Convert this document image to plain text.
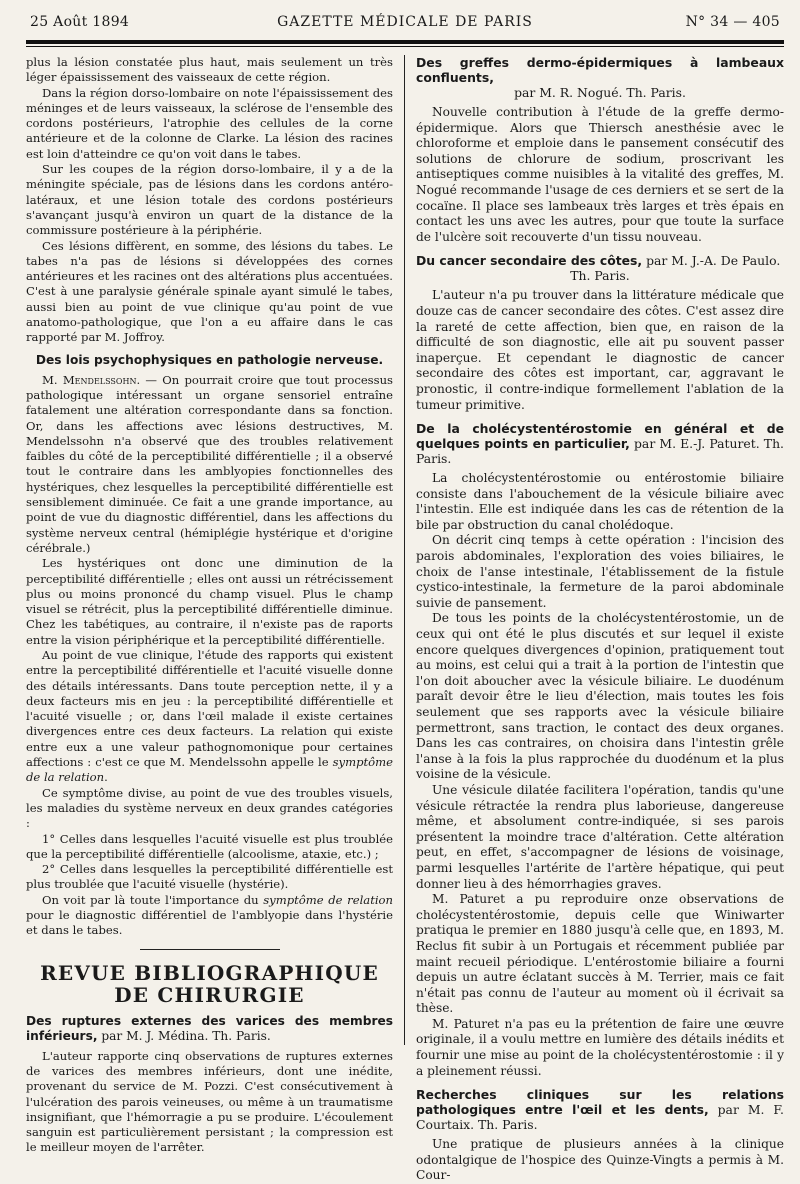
25 Août 1894	GAZETTE MÉDICALE DE PARIS	N° 34 — 405

plus la lésion constatée plus haut, mais seulement un très léger épaississement des vaisseaux de cette région.

Dans la région dorso-lombaire on note l'épaississement des méninges et de leurs vaisseaux, la sclérose de l'ensemble des cordons postérieurs, l'atrophie des cellules de la corne antérieure et de la colonne de Clarke. La lésion des racines est loin d'atteindre ce qu'on voit dans le tabes.

Sur les coupes de la région dorso-lombaire, il y a de la méningite spéciale, pas de lésions dans les cordons antéro-latéraux, et une lésion totale des cordons postérieurs s'avançant jusqu'à environ un quart de la distance de la commissure postérieure à la périphérie.

Ces lésions diffèrent, en somme, des lésions du tabes. Le tabes n'a pas de lésions si développées des cornes antérieures et les racines ont des altérations plus accentuées. C'est à une paralysie générale spinale ayant simulé le tabes, aussi bien au point de vue clinique qu'au point de vue anatomo-pathologique, que l'on a eu affaire dans le cas rapporté par M. Joffroy.

Des lois psychophysiques en pathologie nerveuse.

M. Mendelssohn. — On pourrait croire que tout processus pathologique intéressant un organe sensoriel entraîne fatalement une altération correspondante dans sa fonction. Or, dans les affections avec lésions destructives, M. Mendelssohn n'a observé que des troubles relativement faibles du côté de la perceptibilité différentielle ; il a observé tout le contraire dans les amblyopies fonctionnelles des hystériques, chez lesquelles la perceptibilité différentielle est sensiblement diminuée. Ce fait a une grande importance, au point de vue du diagnostic différentiel, dans les affections du système nerveux central (hémiplégie hystérique et d'origine cérébrale.)

Les hystériques ont donc une diminution de la perceptibilité différentielle ; elles ont aussi un rétrécissement plus ou moins prononcé du champ visuel. Plus le champ visuel se rétrécit, plus la perceptibilité différentielle diminue. Chez les tabétiques, au contraire, il n'existe pas de raports entre la vision périphérique et la perceptibilité différentielle.

Au point de vue clinique, l'étude des rapports qui existent entre la perceptibilité différentielle et l'acuité visuelle donne des détails intéressants. Dans toute perception nette, il y a deux facteurs mis en jeu : la perceptibilité différentielle et l'acuité visuelle ; or, dans l'œil malade il existe certaines divergences entre ces deux facteurs. La relation qui existe entre eux a une valeur pathognomonique pour certaines affections : c'est ce que M. Mendelssohn appelle le symptôme de la relation.

Ce symptôme divise, au point de vue des troubles visuels, les maladies du système nerveux en deux grandes catégories :

1° Celles dans lesquelles l'acuité visuelle est plus troublée que la perceptibilité différentielle (alcoolisme, ataxie, etc.) ;

2° Celles dans lesquelles la perceptibilité différentielle est plus troublée que l'acuité visuelle (hystérie).

On voit par là toute l'importance du symptôme de relation pour le diagnostic différentiel de l'amblyopie dans l'hystérie et dans le tabes.

REVUE BIBLIOGRAPHIQUE
DE CHIRURGIE
Des ruptures externes des varices des membres inférieurs, par M. J. Médina. Th. Paris.

L'auteur rapporte cinq observations de ruptures externes de varices des membres inférieurs, dont une inédite, provenant du service de M. Pozzi. C'est consécutivement à l'ulcération des parois veineuses, ou même à un traumatisme insignifiant, que l'hémorragie a pu se produire. L'écoulement sanguin est particulièrement persistant ; la compression est le meilleur moyen de l'arrêter.

Des greffes dermo-épidermiques à lambeaux confluents,
par M. R. Nogué. Th. Paris.

Nouvelle contribution à l'étude de la greffe dermo-épidermique. Alors que Thiersch anesthésie avec le chloroforme et emploie dans le pansement consécutif des solutions de chlorure de sodium, proscrivant les antiseptiques comme nuisibles à la vitalité des greffes, M. Nogué recommande l'usage de ces derniers et se sert de la cocaïne. Il place ses lambeaux très larges et très épais en contact les uns avec les autres, pour que toute la surface de l'ulcère soit recouverte d'un tissu nouveau.

Du cancer secondaire des côtes, par M. J.-A. De Paulo.
Th. Paris.

L'auteur n'a pu trouver dans la littérature médicale que douze cas de cancer secondaire des côtes. C'est assez dire la rareté de cette affection, bien que, en raison de la difficulté de son diagnostic, elle ait pu souvent passer inaperçue. Et cependant le diagnostic de cancer secondaire des côtes est important, car, aggravant le pronostic, il contre-indique formellement l'ablation de la tumeur primitive.

De la cholécystentérostomie en général et de quelques points en particulier, par M. E.-J. Paturet. Th. Paris.

La cholécystentérostomie ou entérostomie biliaire consiste dans l'abouchement de la vésicule biliaire avec l'intestin. Elle est indiquée dans les cas de rétention de la bile par obstruction du canal cholédoque.

On décrit cinq temps à cette opération : l'incision des parois abdominales, l'exploration des voies biliaires, le choix de l'anse intestinale, l'établissement de la fistule cystico-intestinale, la fermeture de la paroi abdominale suivie de pansement.

De tous les points de la cholécystentérostomie, un de ceux qui ont été le plus discutés et sur lequel il existe encore quelques divergences d'opinion, pratiquement tout au moins, est celui qui a trait à la portion de l'intestin que l'on doit aboucher avec la vésicule biliaire. Le duodénum paraît devoir être le lieu d'élection, mais toutes les fois seulement que ses rapports avec la vésicule biliaire permettront, sans traction, le contact des deux organes. Dans les cas contraires, on choisira dans l'intestin grêle l'anse à la fois la plus rapprochée du duodénum et la plus voisine de la vésicule.

Une vésicule dilatée facilitera l'opération, tandis qu'une vésicule rétractée la rendra plus laborieuse, dangereuse même, et absolument contre-indiquée, si ses parois présentent la moindre trace d'altération. Cette altération peut, en effet, s'accompagner de lésions de voisinage, parmi lesquelles l'artérite de l'artère hépatique, qui peut donner lieu à des hémorrhagies graves.

M. Paturet a pu reproduire onze observations de cholécystentérostomie, depuis celle que Winiwarter pratiqua le premier en 1880 jusqu'à celle que, en 1893, M. Reclus fit subir à un Portugais et récemment publiée par maint recueil périodique. L'entérostomie biliaire a fourni depuis un autre éclatant succès à M. Terrier, mais ce fait n'était pas connu de l'auteur au moment où il écrivait sa thèse.

M. Paturet n'a pas eu la prétention de faire une œuvre originale, il a voulu mettre en lumière des détails inédits et fournir une mise au point de la cholécystentérostomie : il y a pleinement réussi.

Recherches cliniques sur les relations pathologiques entre l'œil et les dents, par M. F. Courtaix. Th. Paris.

Une pratique de plusieurs années à la clinique odontalgique de l'hospice des Quinze-Vingts a permis à M. Cour-
